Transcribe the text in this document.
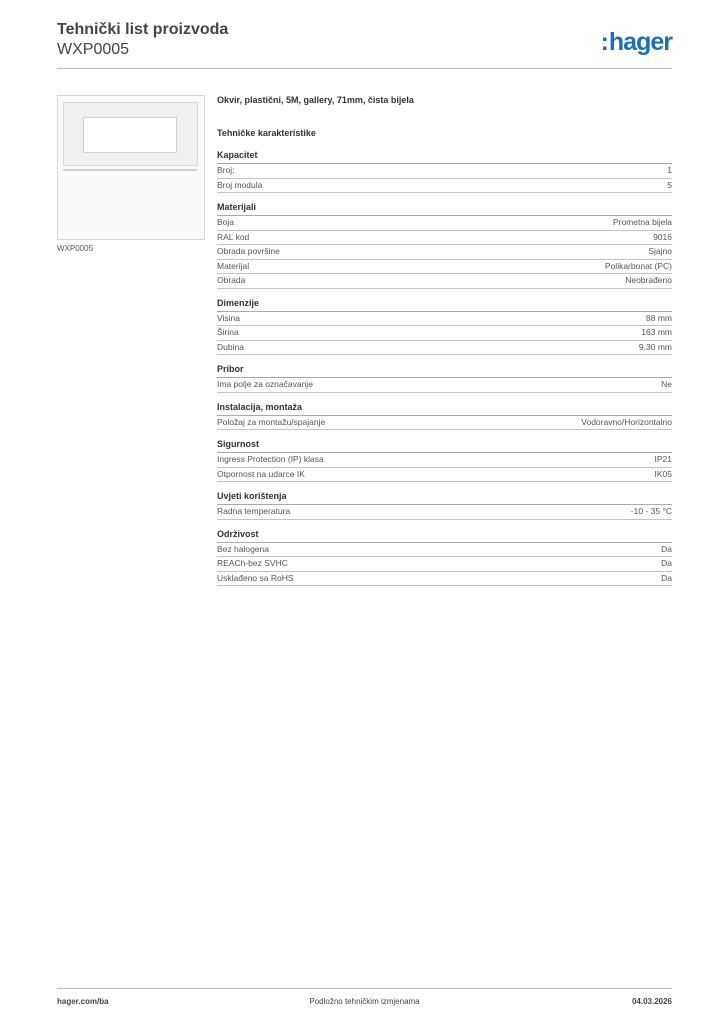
Tehnički list proizvoda
WXP0005	:hager
WXP0005
Okvir, plastični, 5M, gallery, 71mm, čista bijela
Tehničke karakteristike
Kapacitet
Broj:	1
Broj modula	5
Materijali
Boja	Prometna bijela
RAL kod	9016
Obrada površine	Sjajno
Materijal	Polikarbonat (PC)
Obrada	Neobrađeno
Dimenzije
Visina	88 mm
Širina	163 mm
Dubina	9,30 mm
Pribor
Ima polje za označavanje	Ne
Instalacija, montaža
Položaj za montažu/spajanje	Vodoravno/Horizontalno
Sigurnost
Ingress Protection (IP) klasa	IP21
Otpornost na udarce IK	IK05
Uvjeti korištenja
Radna temperatura	-10 - 35 °C
Održivost
Bez halogena	Da
REACh-bez SVHC	Da
Usklađeno sa RoHS	Da
hager.com/ba	Podložno tehničkim izmjenama	04.03.2026
